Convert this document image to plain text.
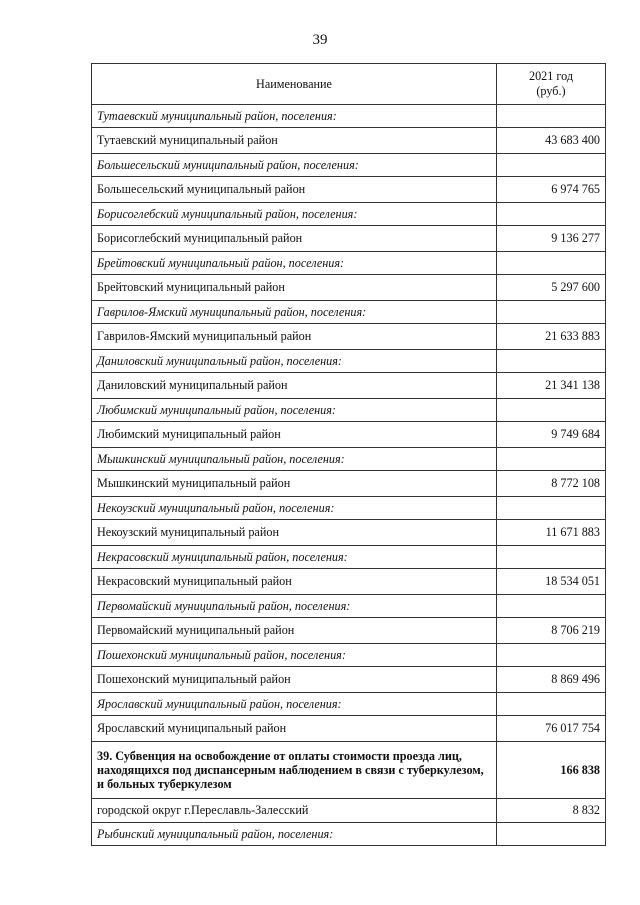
39
Наименование	2021 год
(руб.)
Тутаевский муниципальный район, поселения:	
Тутаевский муниципальный район	43 683 400
Большесельский муниципальный район, поселения:	
Большесельский муниципальный район	6 974 765
Борисоглебский муниципальный район, поселения:	
Борисоглебский муниципальный район	9 136 277
Брейтовский муниципальный район, поселения:	
Брейтовский муниципальный район	5 297 600
Гаврилов-Ямский муниципальный район, поселения:	
Гаврилов-Ямский муниципальный район	21 633 883
Даниловский муниципальный район, поселения:	
Даниловский муниципальный район	21 341 138
Любимский муниципальный район, поселения:	
Любимский муниципальный район	9 749 684
Мышкинский муниципальный район, поселения:	
Мышкинский муниципальный район	8 772 108
Некоузский муниципальный район, поселения:	
Некоузский муниципальный район	11 671 883
Некрасовский муниципальный район, поселения:	
Некрасовский муниципальный район	18 534 051
Первомайский муниципальный район, поселения:	
Первомайский муниципальный район	8 706 219
Пошехонский муниципальный район, поселения:	
Пошехонский муниципальный район	8 869 496
Ярославский муниципальный район, поселения:	
Ярославский муниципальный район	76 017 754
39. Субвенция на освобождение от оплаты стоимости проезда лиц, находящихся под диспансерным наблюдением в связи с туберкулезом, и больных туберкулезом	166 838
городской округ г.Переславль-Залесский	8 832
Рыбинский муниципальный район, поселения:	
